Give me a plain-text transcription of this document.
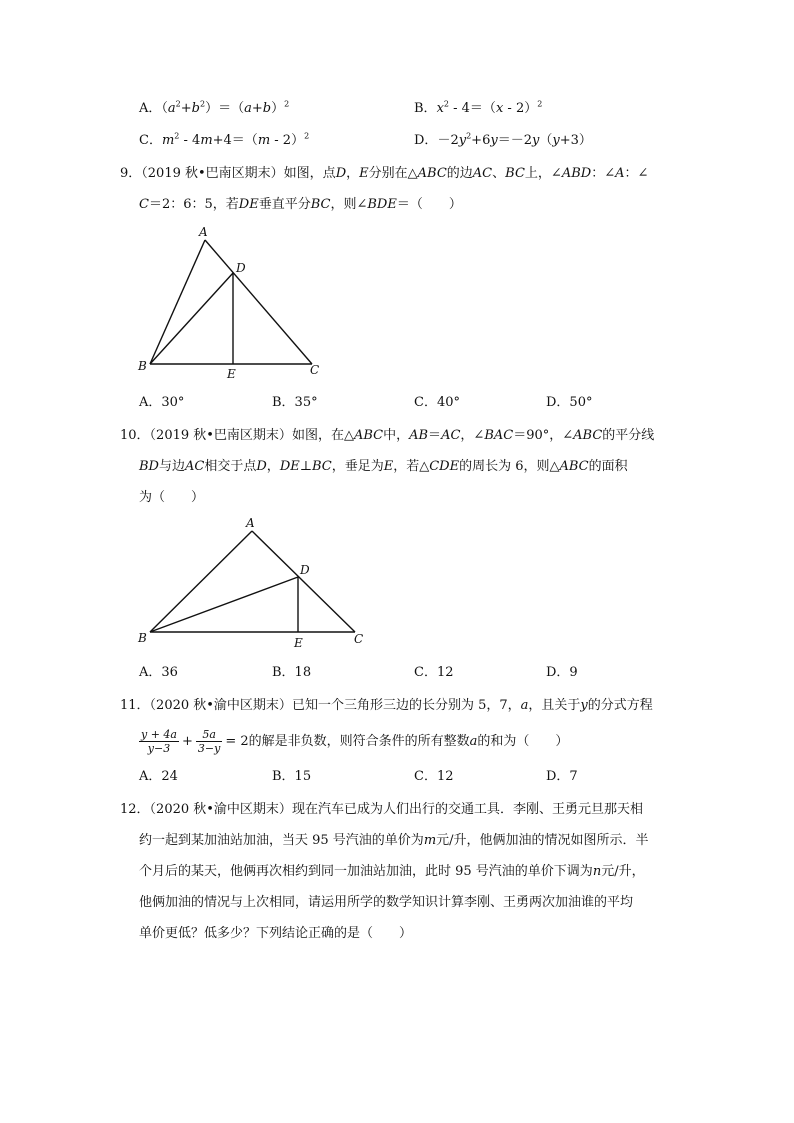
A．$(a^2+b^2)=(a+b)^2$	B．$x^2 - 4=(x - 2)^2$
C．$m^2 - 4m+4=(m - 2)^2$	D．$-2y^2+6y=-2y(y+3)$
9．（2019 秋•巴南区期末）如图，点D，E分别在△ABC的边AC、BC上，∠ABD：∠A：∠
C＝2：6：5，若DE垂直平分BC，则∠BDE＝（　　）
A
D
B
E	C
A．30°	B．35°	C．40°	D．50°
10．（2019 秋•巴南区期末）如图，在△ABC中，AB＝AC，∠BAC＝90°，∠ABC的平分线
BD与边AC相交于点D，DE⊥BC，垂足为E，若△CDE的周长为 6，则△ABC的面积
为（　　）
A
D
B	E	C
A．36	B．18	C．12	D．9
11．（2020 秋•渝中区期末）已知一个三角形三边的长分别为 5，7，a，且关于y的分式方程
$\frac{y + 4a}{y-3} + \frac{5a}{3-y} = 2$的解是非负数，则符合条件的所有整数a的和为（　　）
A．24	B．15	C．12	D．7
12．（2020 秋•渝中区期末）现在汽车已成为人们出行的交通工具．李刚、王勇元旦那天相
约一起到某加油站加油，当天 95 号汽油的单价为m元/升，他俩加油的情况如图所示．半
个月后的某天，他俩再次相约到同一加油站加油，此时 95 号汽油的单价下调为n元/升，
他俩加油的情况与上次相同，请运用所学的数学知识计算李刚、王勇两次加油谁的平均
单价更低？低多少？下列结论正确的是（　　）
